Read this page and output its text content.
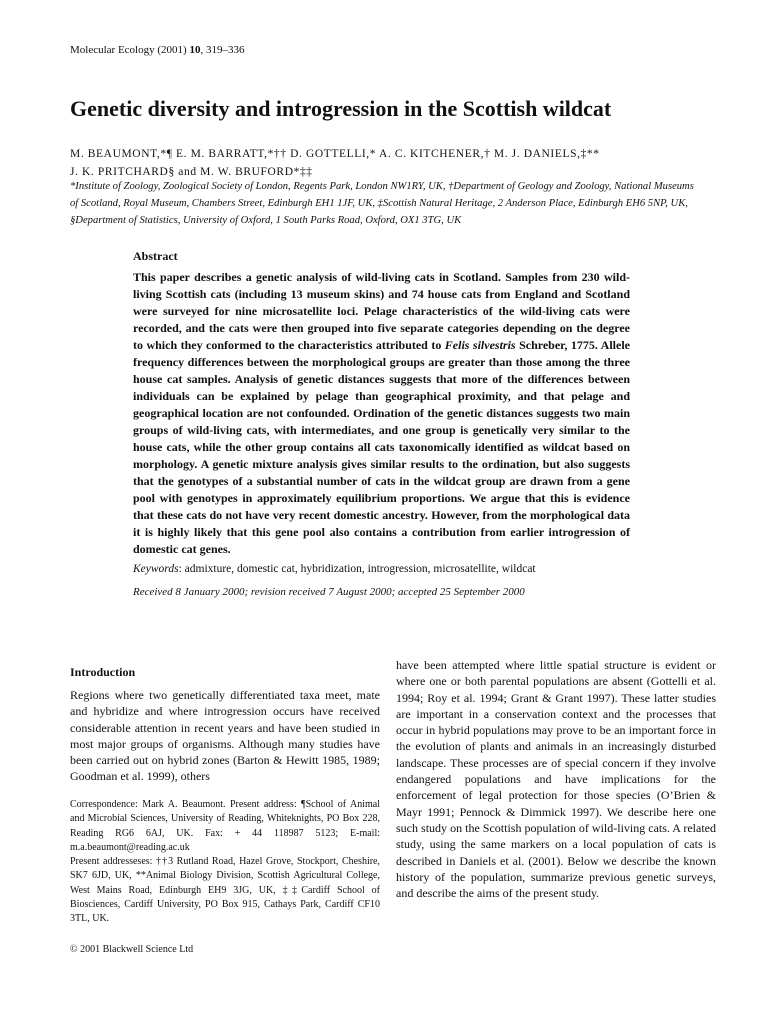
Molecular Ecology (2001) 10, 319–336
Genetic diversity and introgression in the Scottish wildcat
M. BEAUMONT,*¶ E. M. BARRATT,*†† D. GOTTELLI,* A. C. KITCHENER,† M. J. DANIELS,‡**
J. K. PRITCHARD§ and M. W. BRUFORD*‡‡
*Institute of Zoology, Zoological Society of London, Regents Park, London NW1RY, UK, †Department of Geology and Zoology, National Museums of Scotland, Royal Museum, Chambers Street, Edinburgh EH1 1JF, UK, ‡Scottish Natural Heritage, 2 Anderson Place, Edinburgh EH6 5NP, UK, §Department of Statistics, University of Oxford, 1 South Parks Road, Oxford, OX1 3TG, UK
Abstract

This paper describes a genetic analysis of wild-living cats in Scotland. Samples from 230 wild-living Scottish cats (including 13 museum skins) and 74 house cats from England and Scotland were surveyed for nine microsatellite loci. Pelage characteristics of the wild-living cats were recorded, and the cats were then grouped into five separate categories depending on the degree to which they conformed to the characteristics attributed to Felis silvestris Schreber, 1775. Allele frequency differences between the morphological groups are greater than those among the three house cat samples. Analysis of genetic distances suggests that more of the differences between individuals can be explained by pelage than geographical proximity, and that pelage and geographical location are not confounded. Ordination of the genetic distances suggests two main groups of wild-living cats, with intermediates, and one group is genetically very similar to the house cats, while the other group contains all cats taxonomically identified as wildcat based on morphology. A genetic mixture analysis gives similar results to the ordination, but also suggests that the genotypes of a substantial number of cats in the wildcat group are drawn from a gene pool with genotypes in approximately equilibrium proportions. We argue that this is evidence that these cats do not have very recent domestic ancestry. However, from the morphological data it is highly likely that this gene pool also contains a contribution from earlier introgression of domestic cat genes.

Keywords: admixture, domestic cat, hybridization, introgression, microsatellite, wildcat
Received 8 January 2000; revision received 7 August 2000; accepted 25 September 2000
Introduction

Regions where two genetically differentiated taxa meet, mate and hybridize and where introgression occurs have received considerable attention in recent years and have been studied in most major groups of organisms. Although many studies have been carried out on hybrid zones (Barton & Hewitt 1985, 1989; Goodman et al. 1999), others

Correspondence: Mark A. Beaumont. Present address: ¶School of Animal and Microbial Sciences, University of Reading, Whiteknights, PO Box 228, Reading RG6 6AJ, UK. Fax: + 44 118987 5123; E-mail: m.a.beaumont@reading.ac.uk

Present addresseses: ††3 Rutland Road, Hazel Grove, Stockport, Cheshire, SK7 6JD, UK, **Animal Biology Division, Scottish Agricultural College, West Mains Road, Edinburgh EH9 3JG, UK, ‡‡Cardiff School of Biosciences, Cardiff University, PO Box 915, Cathays Park, Cardiff CF10 3TL, UK.

© 2001 Blackwell Science Ltd

have been attempted where little spatial structure is evident or where one or both parental populations are absent (Gottelli et al. 1994; Roy et al. 1994; Grant & Grant 1997). These latter studies are important in a conservation context and the processes that occur in hybrid populations may prove to be an important force in the evolution of plants and animals in an increasingly disturbed landscape. These processes are of special concern if they involve endangered populations and have implications for the enforcement of legal protection for those species (O’Brien & Mayr 1991; Pennock & Dimmick 1997). We describe here one such study on the Scottish population of wild-living cats. A related study, using the same markers on a local population of cats is described in Daniels et al. (2001). Below we describe the known history of the population, summarize previous genetic surveys, and describe the aims of the present study.
